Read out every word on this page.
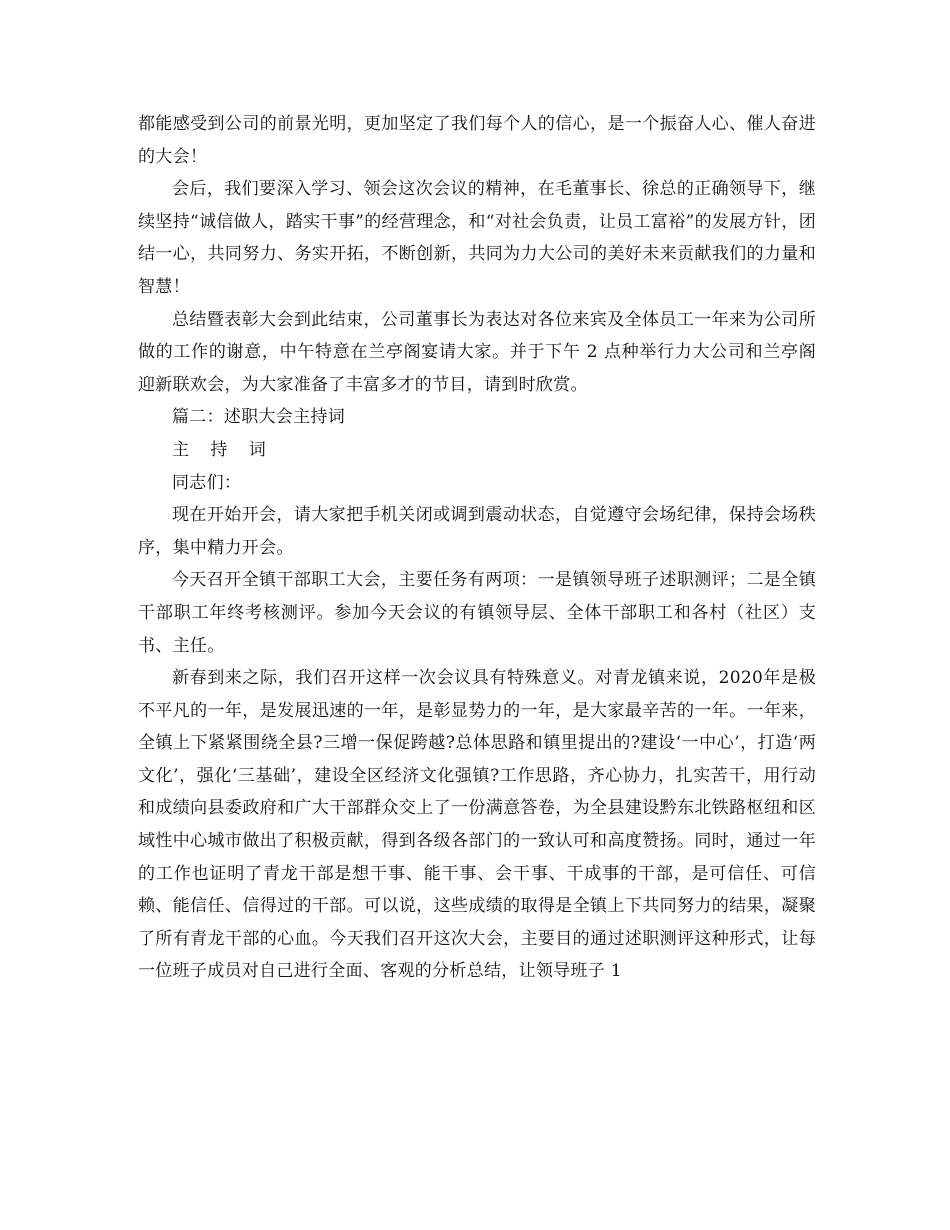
都能感受到公司的前景光明，更加坚定了我们每个人的信心，是一个振奋人心、催人奋进的大会！

会后，我们要深入学习、领会这次会议的精神，在毛董事长、徐总的正确领导下，继续坚持“诚信做人，踏实干事”的经营理念，和“对社会负责，让员工富裕”的发展方针，团结一心，共同努力、务实开拓，不断创新，共同为力大公司的美好未来贡献我们的力量和智慧！

总结暨表彰大会到此结束，公司董事长为表达对各位来宾及全体员工一年来为公司所做的工作的谢意，中午特意在兰亭阁宴请大家。并于下午 2 点种举行力大公司和兰亭阁迎新联欢会，为大家准备了丰富多才的节目，请到时欣赏。

篇二：述职大会主持词

主 持 词

同志们：

现在开始开会，请大家把手机关闭或调到震动状态，自觉遵守会场纪律，保持会场秩序，集中精力开会。

今天召开全镇干部职工大会，主要任务有两项：一是镇领导班子述职测评；二是全镇干部职工年终考核测评。参加今天会议的有镇领导层、全体干部职工和各村（社区）支书、主任。

新春到来之际，我们召开这样一次会议具有特殊意义。对青龙镇来说，2020年是极不平凡的一年，是发展迅速的一年，是彰显势力的一年，是大家最辛苦的一年。一年来，全镇上下紧紧围绕全县?三增一保促跨越?总体思路和镇里提出的?建设‘一中心’，打造‘两文化’，强化‘三基础’，建设全区经济文化强镇?工作思路，齐心协力，扎实苦干，用行动和成绩向县委政府和广大干部群众交上了一份满意答卷，为全县建设黔东北铁路枢纽和区域性中心城市做出了积极贡献，得到各级各部门的一致认可和高度赞扬。同时，通过一年的工作也证明了青龙干部是想干事、能干事、会干事、干成事的干部，是可信任、可信赖、能信任、信得过的干部。可以说，这些成绩的取得是全镇上下共同努力的结果，凝聚了所有青龙干部的心血。今天我们召开这次大会，主要目的通过述职测评这种形式，让每一位班子成员对自己进行全面、客观的分析总结，让领导班子 1
